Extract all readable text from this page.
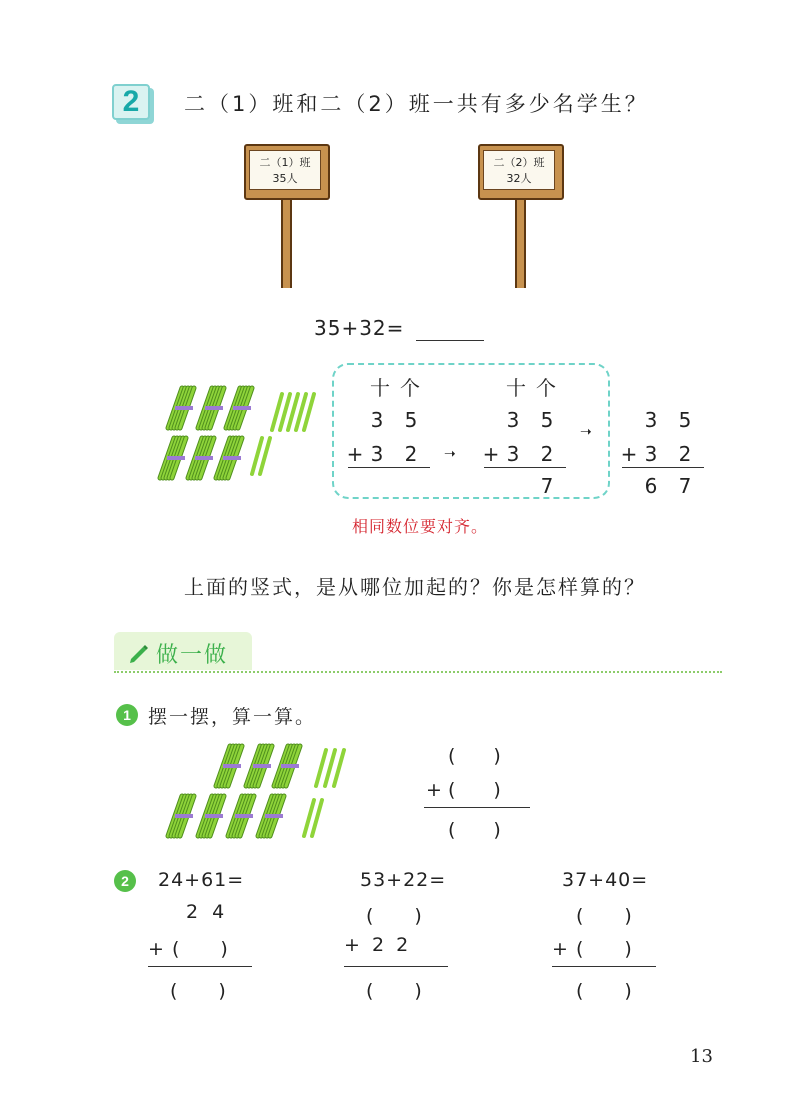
2	二（1）班和二（2）班一共有多少名学生？
二（1）班
35人
二（2）班
32人
35+32=
十 个
3 5
+ 3 2	➝
十 个
3 5
+ 3 2
7
➝	3 5
+ 3 2
6 7
相同数位要对齐。
上面的竖式，是从哪位加起的？你是怎样算的？
做一做
1 摆一摆，算一算。
(　　)
+ (　　)
(　　)
2	24+61=
2 4
+ (　　)
(　　)
53+22=
(　　)
+ 2 2
(　　)
37+40=
(　　)
+ (　　)
(　　)
13
